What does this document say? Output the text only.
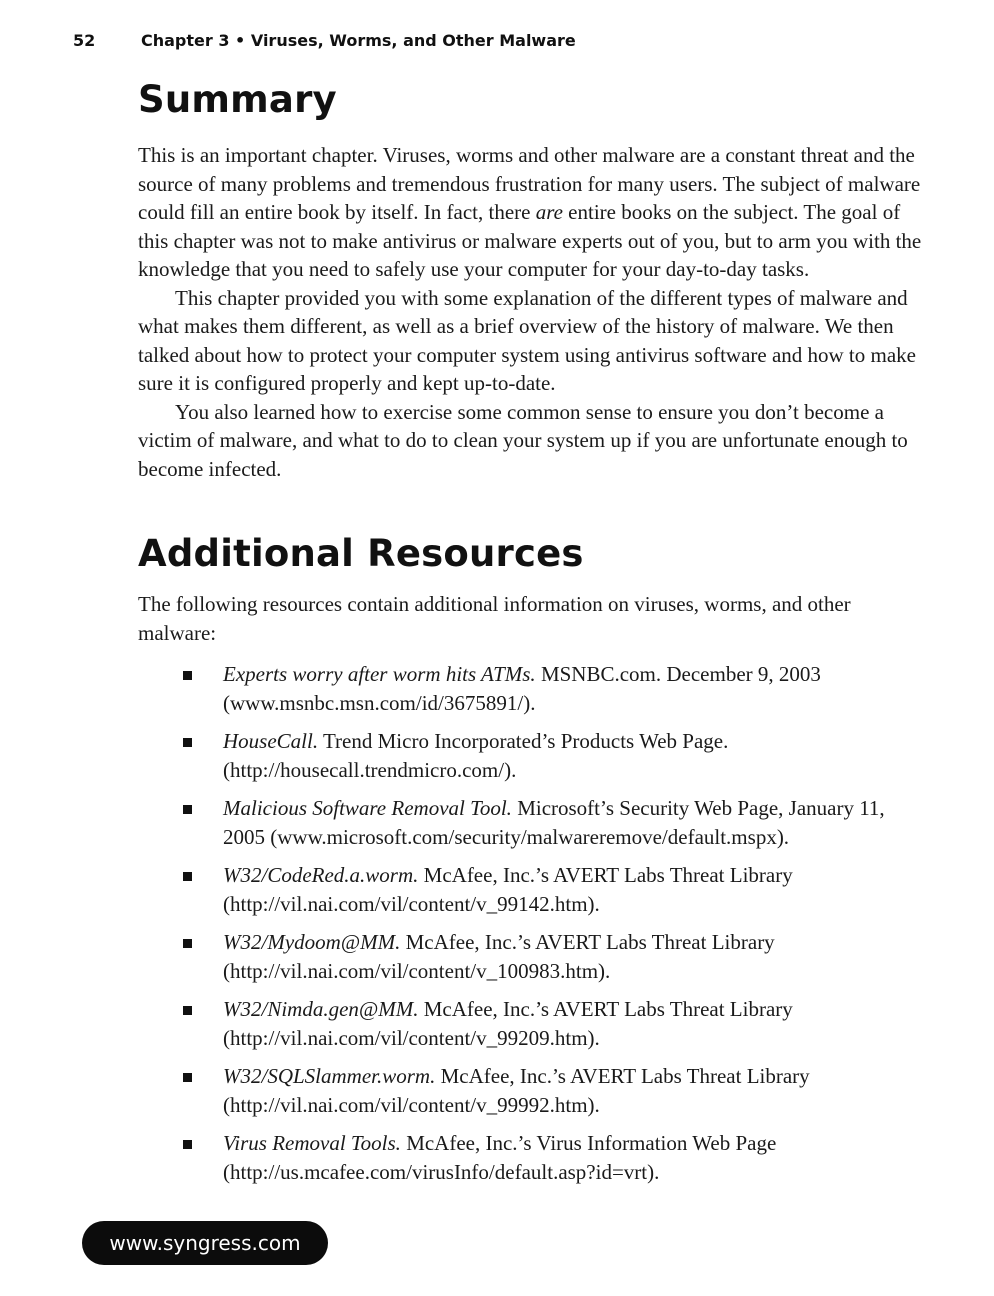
52	Chapter 3 • Viruses, Worms, and Other Malware
Summary

This is an important chapter. Viruses, worms and other malware are a constant threat and the source of many problems and tremendous frustration for many users. The subject of malware could fill an entire book by itself. In fact, there are entire books on the subject. The goal of this chapter was not to make antivirus or malware experts out of you, but to arm you with the knowledge that you need to safely use your computer for your day-to-day tasks.

This chapter provided you with some explanation of the different types of malware and what makes them different, as well as a brief overview of the history of malware. We then talked about how to protect your computer system using antivirus software and how to make sure it is configured properly and kept up-to-date.

You also learned how to exercise some common sense to ensure you don’t become a victim of malware, and what to do to clean your system up if you are unfortunate enough to become infected.

Additional Resources
The following resources contain additional information on viruses, worms, and other malware:
Experts worry after worm hits ATMs. MSNBC.com. December 9, 2003 (www.msnbc.msn.com/id/3675891/).
HouseCall. Trend Micro Incorporated’s Products Web Page. (http://housecall.trendmicro.com/).
Malicious Software Removal Tool. Microsoft’s Security Web Page, January 11, 2005 (www.microsoft.com/security/malwareremove/default.mspx).
W32/CodeRed.a.worm. McAfee, Inc.’s AVERT Labs Threat Library (http://vil.nai.com/vil/content/v_99142.htm).
W32/Mydoom@MM. McAfee, Inc.’s AVERT Labs Threat Library (http://vil.nai.com/vil/content/v_100983.htm).
W32/Nimda.gen@MM. McAfee, Inc.’s AVERT Labs Threat Library (http://vil.nai.com/vil/content/v_99209.htm).
W32/SQLSlammer.worm. McAfee, Inc.’s AVERT Labs Threat Library (http://vil.nai.com/vil/content/v_99992.htm).
Virus Removal Tools. McAfee, Inc.’s Virus Information Web Page (http://us.mcafee.com/virusInfo/default.asp?id=vrt).
www.syngress.com
